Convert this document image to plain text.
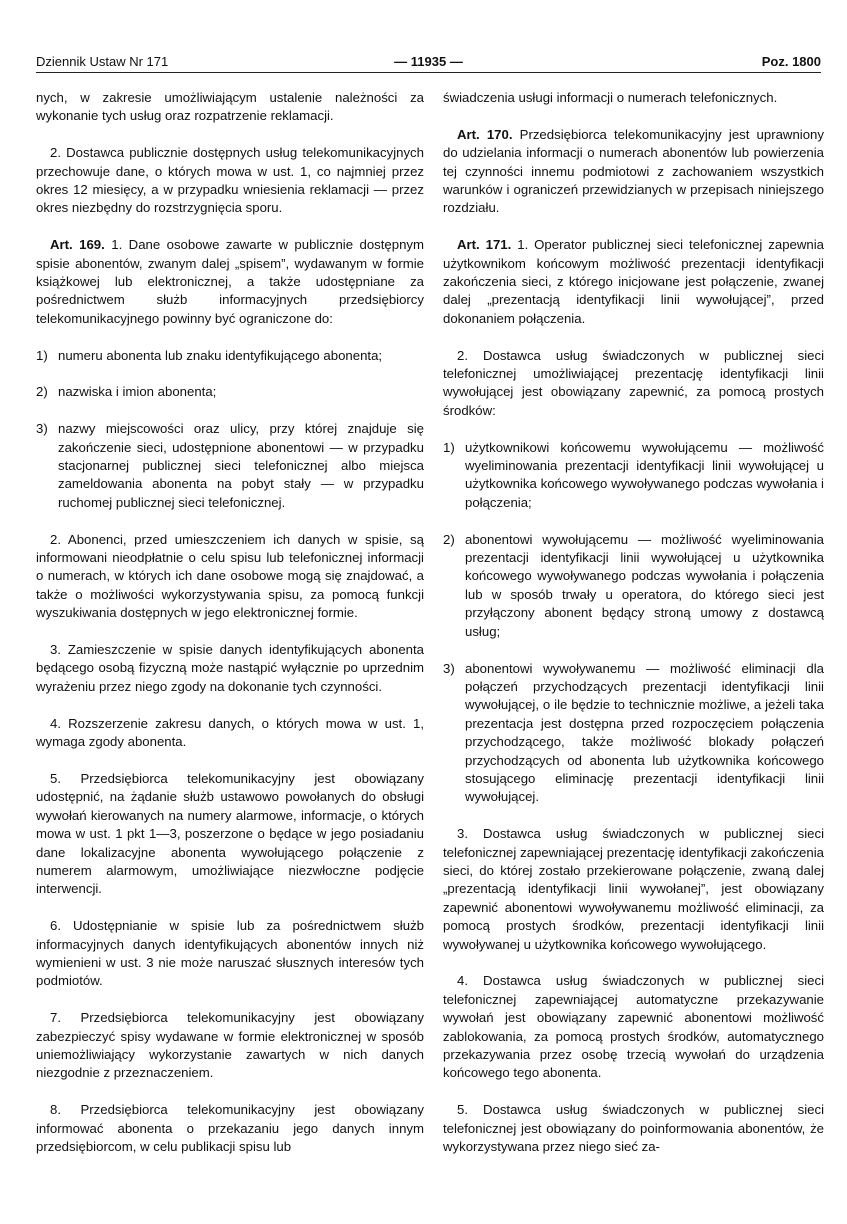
Dziennik Ustaw Nr 171	— 11935 —	Poz. 1800

nych, w zakresie umożliwiającym ustalenie należności za wykonanie tych usług oraz rozpatrzenie reklamacji.

2. Dostawca publicznie dostępnych usług telekomunikacyjnych przechowuje dane, o których mowa w ust. 1, co najmniej przez okres 12 miesięcy, a w przypadku wniesienia reklamacji — przez okres niezbędny do rozstrzygnięcia sporu.

Art. 169. 1. Dane osobowe zawarte w publicznie dostępnym spisie abonentów, zwanym dalej „spisem”, wydawanym w formie książkowej lub elektronicznej, a także udostępniane za pośrednictwem służb informacyjnych przedsiębiorcy telekomunikacyjnego powinny być ograniczone do:

1) numeru abonenta lub znaku identyfikującego abonenta;
2) nazwiska i imion abonenta;
3) nazwy miejscowości oraz ulicy, przy której znajduje się zakończenie sieci, udostępnione abonentowi — w przypadku stacjonarnej publicznej sieci telefonicznej albo miejsca zameldowania abonenta na pobyt stały — w przypadku ruchomej publicznej sieci telefonicznej.

2. Abonenci, przed umieszczeniem ich danych w spisie, są informowani nieodpłatnie o celu spisu lub telefonicznej informacji o numerach, w których ich dane osobowe mogą się znajdować, a także o możliwości wykorzystywania spisu, za pomocą funkcji wyszukiwania dostępnych w jego elektronicznej formie.

3. Zamieszczenie w spisie danych identyfikujących abonenta będącego osobą fizyczną może nastąpić wyłącznie po uprzednim wyrażeniu przez niego zgody na dokonanie tych czynności.

4. Rozszerzenie zakresu danych, o których mowa w ust. 1, wymaga zgody abonenta.

5. Przedsiębiorca telekomunikacyjny jest obowiązany udostępnić, na żądanie służb ustawowo powołanych do obsługi wywołań kierowanych na numery alarmowe, informacje, o których mowa w ust. 1 pkt 1—3, poszerzone o będące w jego posiadaniu dane lokalizacyjne abonenta wywołującego połączenie z numerem alarmowym, umożliwiające niezwłoczne podjęcie interwencji.

6. Udostępnianie w spisie lub za pośrednictwem służb informacyjnych danych identyfikujących abonentów innych niż wymienieni w ust. 3 nie może naruszać słusznych interesów tych podmiotów.

7. Przedsiębiorca telekomunikacyjny jest obowiązany zabezpieczyć spisy wydawane w formie elektronicznej w sposób uniemożliwiający wykorzystanie zawartych w nich danych niezgodnie z przeznaczeniem.

8. Przedsiębiorca telekomunikacyjny jest obowiązany informować abonenta o przekazaniu jego danych innym przedsiębiorcom, w celu publikacji spisu lub

świadczenia usługi informacji o numerach telefonicznych.

Art. 170. Przedsiębiorca telekomunikacyjny jest uprawniony do udzielania informacji o numerach abonentów lub powierzenia tej czynności innemu podmiotowi z zachowaniem wszystkich warunków i ograniczeń przewidzianych w przepisach niniejszego rozdziału.

Art. 171. 1. Operator publicznej sieci telefonicznej zapewnia użytkownikom końcowym możliwość prezentacji identyfikacji zakończenia sieci, z którego inicjowane jest połączenie, zwanej dalej „prezentacją identyfikacji linii wywołującej”, przed dokonaniem połączenia.

2. Dostawca usług świadczonych w publicznej sieci telefonicznej umożliwiającej prezentację identyfikacji linii wywołującej jest obowiązany zapewnić, za pomocą prostych środków:

1) użytkownikowi końcowemu wywołującemu — możliwość wyeliminowania prezentacji identyfikacji linii wywołującej u użytkownika końcowego wywoływanego podczas wywołania i połączenia;
2) abonentowi wywołującemu — możliwość wyeliminowania prezentacji identyfikacji linii wywołującej u użytkownika końcowego wywoływanego podczas wywołania i połączenia lub w sposób trwały u operatora, do którego sieci jest przyłączony abonent będący stroną umowy z dostawcą usług;
3) abonentowi wywoływanemu — możliwość eliminacji dla połączeń przychodzących prezentacji identyfikacji linii wywołującej, o ile będzie to technicznie możliwe, a jeżeli taka prezentacja jest dostępna przed rozpoczęciem połączenia przychodzącego, także możliwość blokady połączeń przychodzących od abonenta lub użytkownika końcowego stosującego eliminację prezentacji identyfikacji linii wywołującej.

3. Dostawca usług świadczonych w publicznej sieci telefonicznej zapewniającej prezentację identyfikacji zakończenia sieci, do której zostało przekierowane połączenie, zwaną dalej „prezentacją identyfikacji linii wywołanej”, jest obowiązany zapewnić abonentowi wywoływanemu możliwość eliminacji, za pomocą prostych środków, prezentacji identyfikacji linii wywoływanej u użytkownika końcowego wywołującego.

4. Dostawca usług świadczonych w publicznej sieci telefonicznej zapewniającej automatyczne przekazywanie wywołań jest obowiązany zapewnić abonentowi możliwość zablokowania, za pomocą prostych środków, automatycznego przekazywania przez osobę trzecią wywołań do urządzenia końcowego tego abonenta.

5. Dostawca usług świadczonych w publicznej sieci telefonicznej jest obowiązany do poinformowania abonentów, że wykorzystywana przez niego sieć za-
